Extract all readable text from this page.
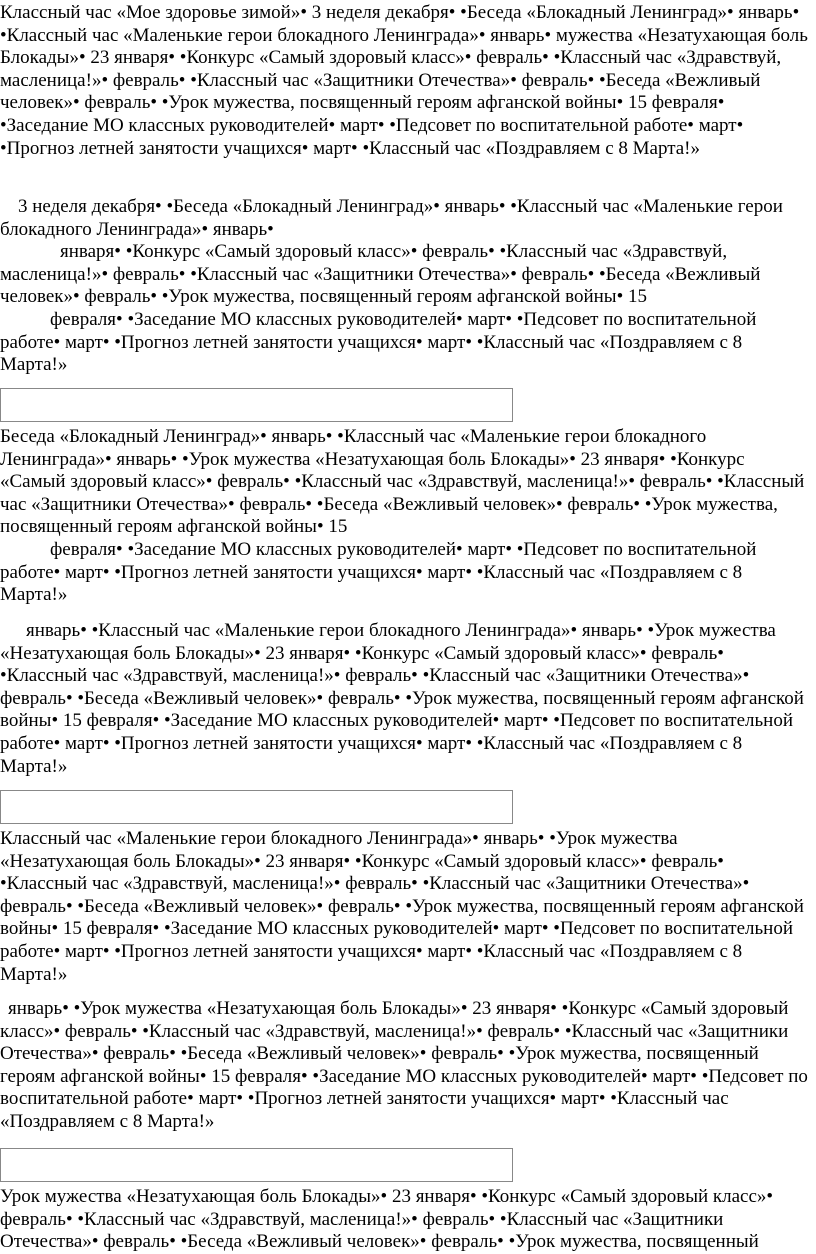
Классный час «Мое здоровье зимой»• 3 неделя декабря• •Беседа «Блокадный Ленинград»• январь• •Классный час «Маленькие герои блокадного Ленинграда»• январь• мужества «Незатухающая боль Блокады»• 23 января• •Конкурс «Самый здоровый класс»• февраль• •Классный час «Здравствуй, масленица!»• февраль• •Классный час «Защитники Отечества»• февраль• •Беседа «Вежливый человек»• февраль• •Урок мужества, посвященный героям афганской войны• 15 февраля• •Заседание МО классных руководителей• март• •Педсовет по воспитательной работе• март• •Прогноз летней занятости учащихся• март• •Классный час «Поздравляем с 8 Марта!»

3 неделя декабря• •Беседа «Блокадный Ленинград»• январь• •Классный час «Маленькие герои блокадного Ленинграда»• январь•
января• •Конкурс «Самый здоровый класс»• февраль• •Классный час «Здравствуй, масленица!»• февраль• •Классный час «Защитники Отечества»• февраль• •Беседа «Вежливый человек»• февраль• •Урок мужества, посвященный героям афганской войны• 15
февраля• •Заседание МО классных руководителей• март• •Педсовет по воспитательной работе• март• •Прогноз летней занятости учащихся• март• •Классный час «Поздравляем с 8 Марта!»

Беседа «Блокадный Ленинград»• январь• •Классный час «Маленькие герои блокадного Ленинграда»• январь• •Урок мужества «Незатухающая боль Блокады»• 23 января• •Конкурс «Самый здоровый класс»• февраль• •Классный час «Здравствуй, масленица!»• февраль• •Классный час «Защитники Отечества»• февраль• •Беседа «Вежливый человек»• февраль• •Урок мужества, посвященный героям афганской войны• 15
февраля• •Заседание МО классных руководителей• март• •Педсовет по воспитательной работе• март• •Прогноз летней занятости учащихся• март• •Классный час «Поздравляем с 8 Марта!»

январь• •Классный час «Маленькие герои блокадного Ленинграда»• январь• •Урок мужества «Незатухающая боль Блокады»• 23 января• •Конкурс «Самый здоровый класс»• февраль• •Классный час «Здравствуй, масленица!»• февраль• •Классный час «Защитники Отечества»• февраль• •Беседа «Вежливый человек»• февраль• •Урок мужества, посвященный героям афганской войны• 15 февраля• •Заседание МО классных руководителей• март• •Педсовет по воспитательной работе• март• •Прогноз летней занятости учащихся• март• •Классный час «Поздравляем с 8 Марта!»

Классный час «Маленькие герои блокадного Ленинграда»• январь• •Урок мужества «Незатухающая боль Блокады»• 23 января• •Конкурс «Самый здоровый класс»• февраль• •Классный час «Здравствуй, масленица!»• февраль• •Классный час «Защитники Отечества»• февраль• •Беседа «Вежливый человек»• февраль• •Урок мужества, посвященный героям афганской войны• 15 февраля• •Заседание МО классных руководителей• март• •Педсовет по воспитательной работе• март• •Прогноз летней занятости учащихся• март• •Классный час «Поздравляем с 8 Марта!»

январь• •Урок мужества «Незатухающая боль Блокады»• 23 января• •Конкурс «Самый здоровый класс»• февраль• •Классный час «Здравствуй, масленица!»• февраль• •Классный час «Защитники Отечества»• февраль• •Беседа «Вежливый человек»• февраль• •Урок мужества, посвященный героям афганской войны• 15 февраля• •Заседание МО классных руководителей• март• •Педсовет по воспитательной работе• март• •Прогноз летней занятости учащихся• март• •Классный час «Поздравляем с 8 Марта!»

Урок мужества «Незатухающая боль Блокады»• 23 января• •Конкурс «Самый здоровый класс»• февраль• •Классный час «Здравствуй, масленица!»• февраль• •Классный час «Защитники Отечества»• февраль• •Беседа «Вежливый человек»• февраль• •Урок мужества, посвященный
